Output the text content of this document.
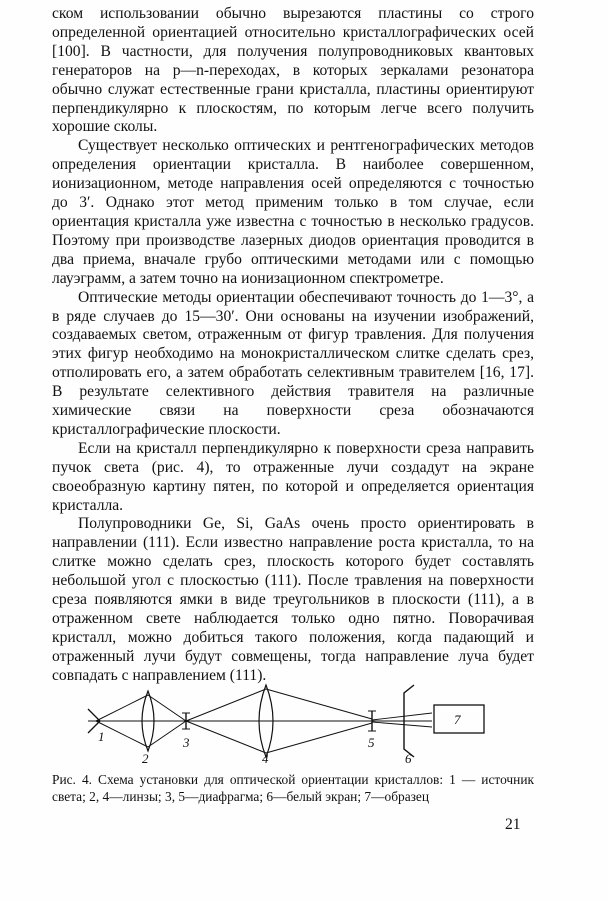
ском использовании обычно вырезаются пластины со строго определенной ориентацией относительно кристаллографических осей [100]. В частности, для получения полупроводниковых квантовых генераторов на p—n-переходах, в которых зеркалами резонатора обычно служат естественные грани кристалла, пластины ориентируют перпендикулярно к плоскостям, по которым легче всего получить хорошие сколы.

Существует несколько оптических и рентгенографических методов определения ориентации кристалла. В наиболее совершенном, ионизационном, методе направления осей определяются с точностью до 3′. Однако этот метод применим только в том случае, если ориентация кристалла уже известна с точностью в несколько градусов. Поэтому при производстве лазерных диодов ориентация проводится в два приема, вначале грубо оптическими методами или с помощью лауэграмм, а затем точно на ионизационном спектрометре.

Оптические методы ориентации обеспечивают точность до 1—3°, а в ряде случаев до 15—30′. Они основаны на изучении изображений, создаваемых светом, отраженным от фигур травления. Для получения этих фигур необходимо на монокристаллическом слитке сделать срез, отполировать его, а затем обработать селективным травителем [16, 17]. В результате селективного действия травителя на различные химические связи на поверхности среза обозначаются кристаллографические плоскости.

Если на кристалл перпендикулярно к поверхности среза направить пучок света (рис. 4), то отраженные лучи создадут на экране своеобразную картину пятен, по которой и определяется ориентация кристалла.

Полупроводники Ge, Si, GaAs очень просто ориентировать в направлении (111). Если известно направление роста кристалла, то на слитке можно сделать срез, плоскость которого будет составлять небольшой угол с плоскостью (111). После травления на поверхности среза появляются ямки в виде треугольников в плоскости (111), а в отраженном свете наблюдается только одно пятно. Поворачивая кристалл, можно добиться такого положения, когда падающий и отраженный лучи будут совмещены, тогда направление луча будет совпадать с направлением (111).

1
2
3
4
5
6
7
Рис. 4. Схема установки для оптической ориентации кристаллов: 1 — источник света; 2, 4—линзы; 3, 5—диафрагма; 6—белый экран; 7—образец
21
